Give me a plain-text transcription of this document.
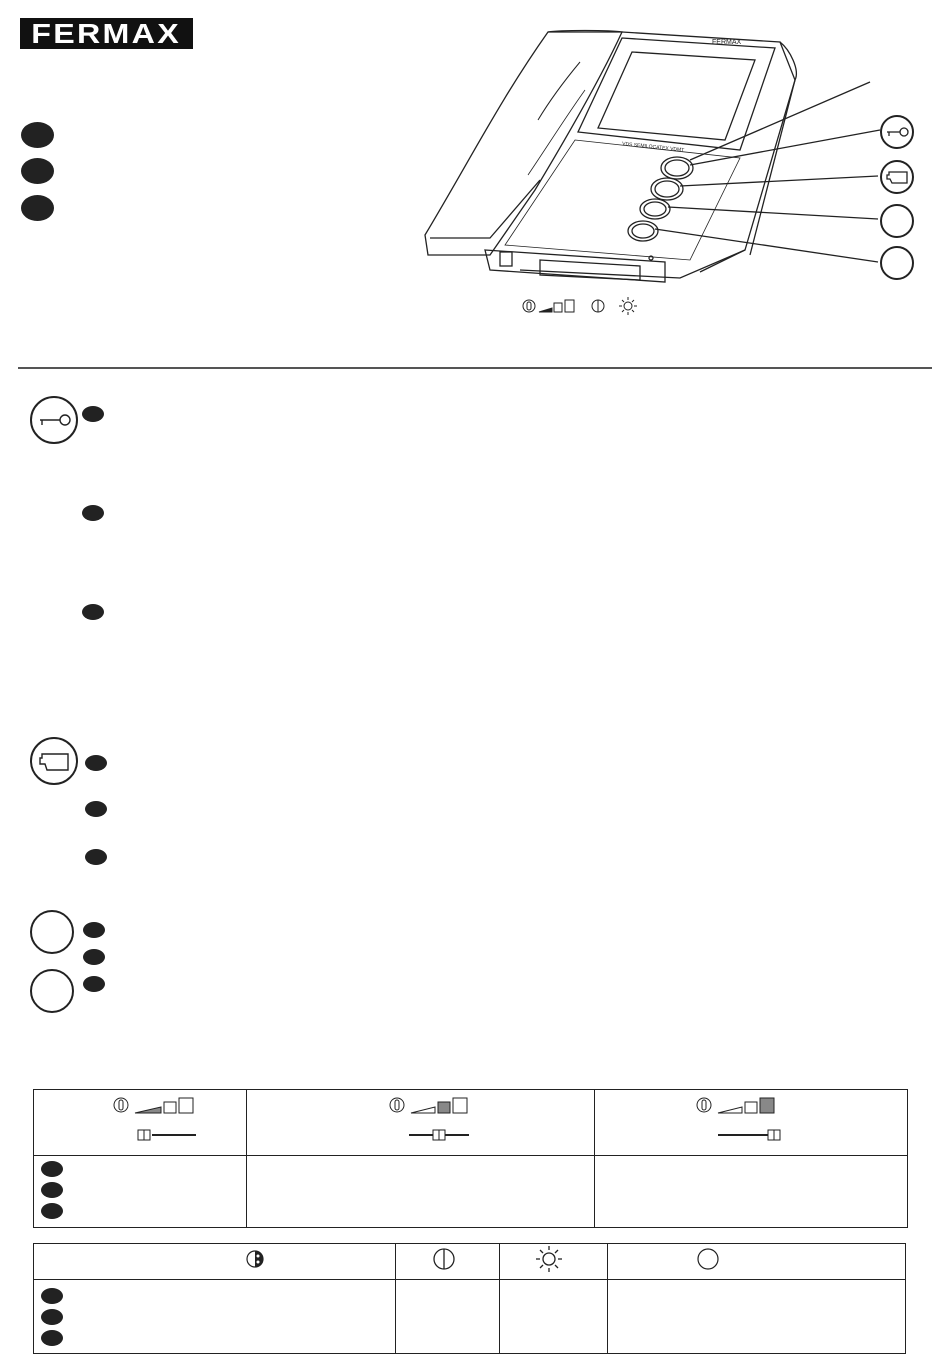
FERMAX	FERMAX
VDS SEMILOCATEX VDMT
